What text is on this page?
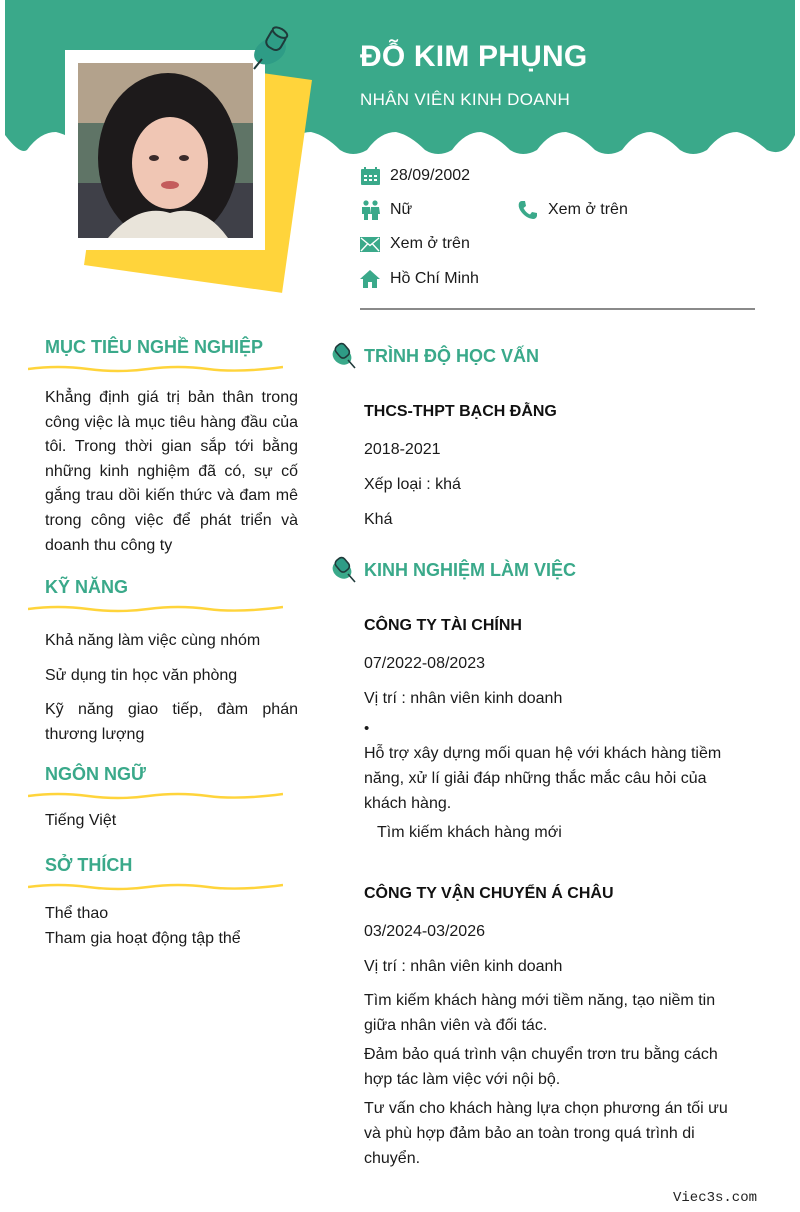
ĐỖ KIM PHỤNG
NHÂN VIÊN KINH DOANH
28/09/2002
Nữ	Xem ở trên
Xem ở trên
Hồ Chí Minh
MỤC TIÊU NGHỀ NGHIỆP
Khẳng định giá trị bản thân trong công việc là mục tiêu hàng đầu của tôi. Trong thời gian sắp tới bằng những kinh nghiệm đã có, sự cố gắng trau dồi kiến thức và đam mê trong công việc để phát triển và doanh thu công ty
KỸ NĂNG
Khả năng làm việc cùng nhóm
Sử dụng tin học văn phòng
Kỹ năng giao tiếp, đàm phán thương lượng
NGÔN NGỮ
Tiếng Việt
SỞ THÍCH
Thể thao
Tham gia hoạt động tập thể
TRÌNH ĐỘ HỌC VẤN
THCS-THPT BẠCH ĐẰNG
2018-2021
Xếp loại : khá
Khá
KINH NGHIỆM LÀM VIỆC
CÔNG TY TÀI CHÍNH
07/2022-08/2023
Vị trí : nhân viên kinh doanh
•
Hỗ trợ xây dựng mối quan hệ với khách hàng tiềm năng, xử lí giải đáp những thắc mắc câu hỏi của khách hàng.
Tìm kiếm khách hàng mới
CÔNG TY VẬN CHUYỂN Á CHÂU
03/2024-03/2026
Vị trí : nhân viên kinh doanh
Tìm kiếm khách hàng mới tiềm năng, tạo niềm tin giữa nhân viên và đối tác.
Đảm bảo quá trình vận chuyển trơn tru bằng cách hợp tác làm việc với nội bộ.
Tư vấn cho khách hàng lựa chọn phương án tối ưu và phù hợp đảm bảo an toàn trong quá trình di chuyển.
Viec3s.com
